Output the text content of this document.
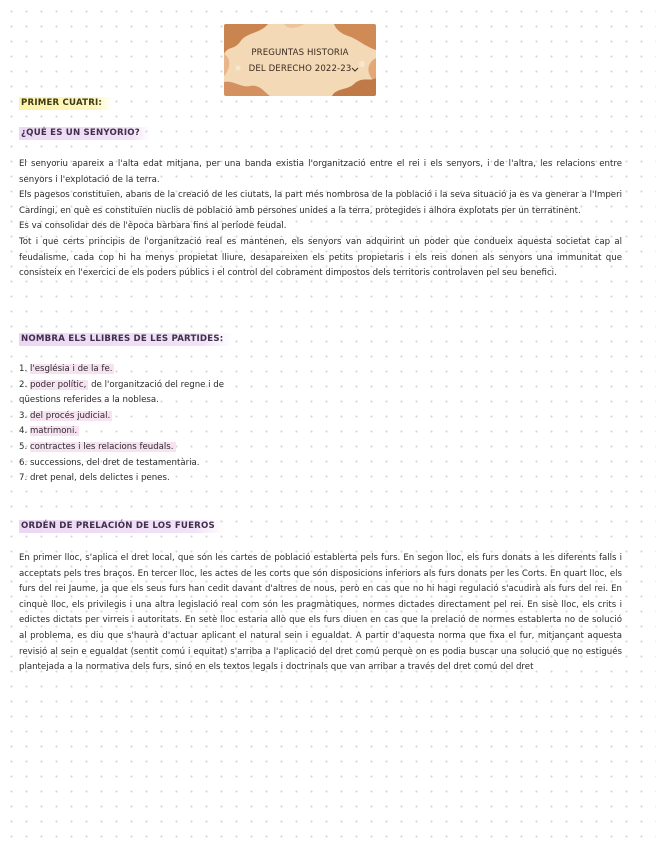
PREGUNTAS HISTORIA
DEL DERECHO 2022-23
PRIMER CUATRI:
¿QUÉ ES UN SENYORIO?

El senyoriu apareix a l'alta edat mitjana, per una banda existia l'organització entre el rei i els senyors, i de l'altra, les relacions entre senyors i l'explotació de la terra.

Els pagesos constituïen, abans de la creació de les ciutats, la part més nombrosa de la població i la seva situació ja es va generar a l'Imperi Cardingi, en què es constituïen nuclis de població amb persones unides a la terra, protegides i alhora explotats per un terratinent.

Es va consolidar des de l'època bàrbara fins al període feudal.

Tot i que certs principis de l'organització real es mantenen, els senyors van adquirint un poder que condueix aquesta societat cap al feudalisme, cada cop hi ha menys propietat lliure, desapareixen els petits propietaris i els reis donen als senyors una immunitat que consisteix en l'exercici de els poders públics i el control del cobrament dimpostos dels territoris controlaven pel seu benefici.

NOMBRA ELS LLIBRES DE LES PARTIDES:
1. l'església i de la fe.
2. poder polític, de l'organització del regne i de
qüestions referides a la noblesa.
3. del procés judicial.
4. matrimoni.
5. contractes i les relacions feudals.
6. successions, del dret de testamentària.
7. dret penal, dels delictes i penes.
ORDÉN DE PRELACIÓN DE LOS FUEROS

En primer lloc, s'aplica el dret local, que són les cartes de població establerta pels furs. En segon lloc, els furs donats a les diferents falls i acceptats pels tres braços. En tercer lloc, les actes de les corts que són disposicions inferiors als furs donats per les Corts. En quart lloc, els furs del rei Jaume, ja que els seus furs han cedit davant d'altres de nous, però en cas que no hi hagi regulació s'acudirà als furs del rei. En cinquè lloc, els privilegis i una altra legislació real com són les pragmàtiques, normes dictades directament pel rei. En sisè lloc, els crits i edictes dictats per virreis i autoritats. En setè lloc estaria allò que els furs diuen en cas que la prelació de normes establerta no de solució al problema, es diu que s'haurà d'actuar aplicant el natural sein i egualdat. A partir d'aquesta norma que fixa el fur, mitjançant aquesta revisió al sein e egualdat (sentit comú i equitat) s'arriba a l'aplicació del dret comú perquè on es podia buscar una solució que no estigués plantejada a la normativa dels furs, sinó en els textos legals i doctrinals que van arribar a través del dret comú del dret
